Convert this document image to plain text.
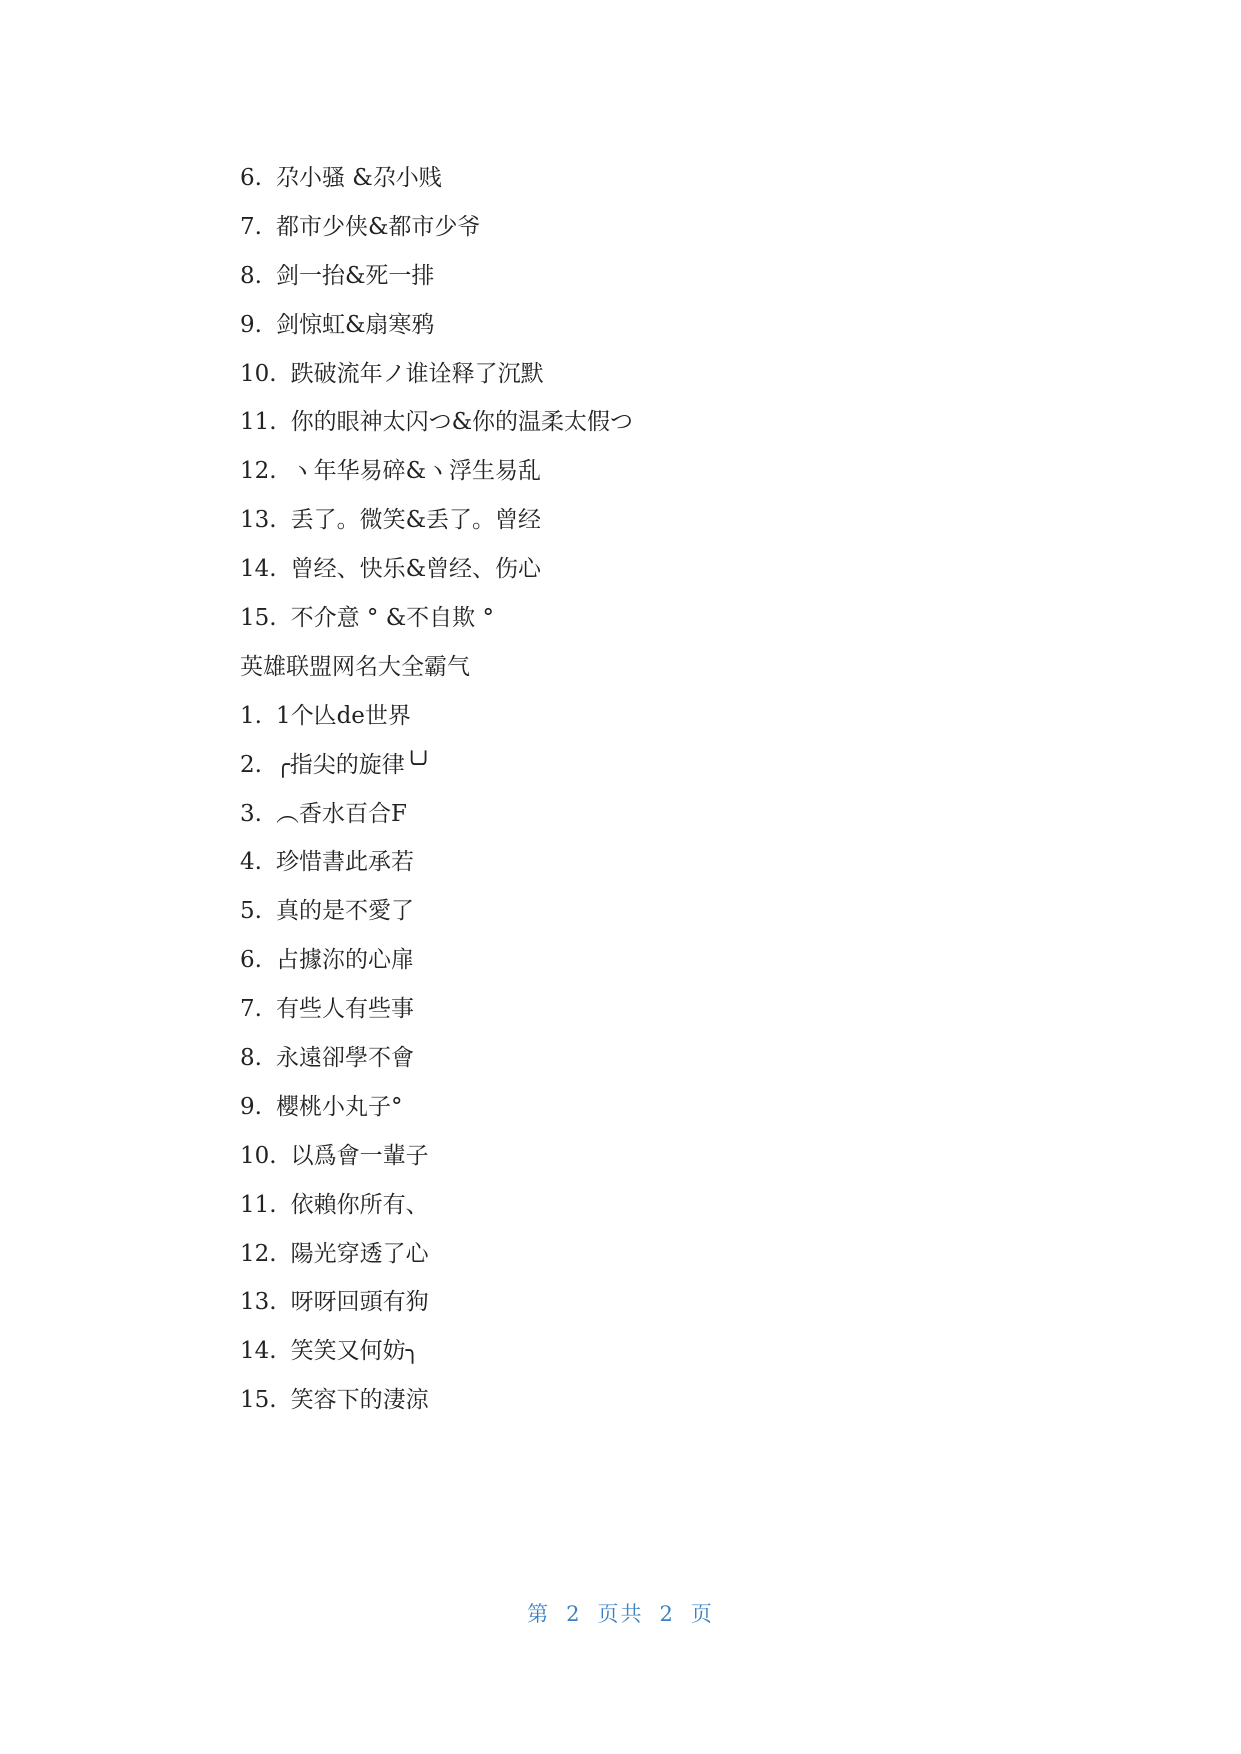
6. 尕小骚 &尕小贱
7. 都市少侠&都市少爷
8. 剑一抬&死一排
9. 剑惊虹&扇寒鸦
10. 跌破流年ノ谁诠释了沉默
11. 你的眼神太闪つ&你的温柔太假つ
12. ヽ年华易碎&ヽ浮生易乱
13. 丢了。微笑&丢了。曾经
14. 曾经、快乐&曾经、伤心
15. 不介意 ° &不自欺 °
英雄联盟网名大全霸气
1. 1个亾de世界
2. ╭指尖的旋律╰╯
3. ︵香水百合F
4. 珍惜書此承若
5. 真的是不愛了
6. 占據沵的心扉
7. 有些人有些事
8. 永遠卻學不會
9. 櫻桃小丸子°
10. 以爲會一輩子
11. 依賴你所有、
12. 陽光穿透了心
13. 呀呀回頭有狗
14. 笑笑又何妨╮
15. 笑容下的淒涼
第 2 页共 2 页
